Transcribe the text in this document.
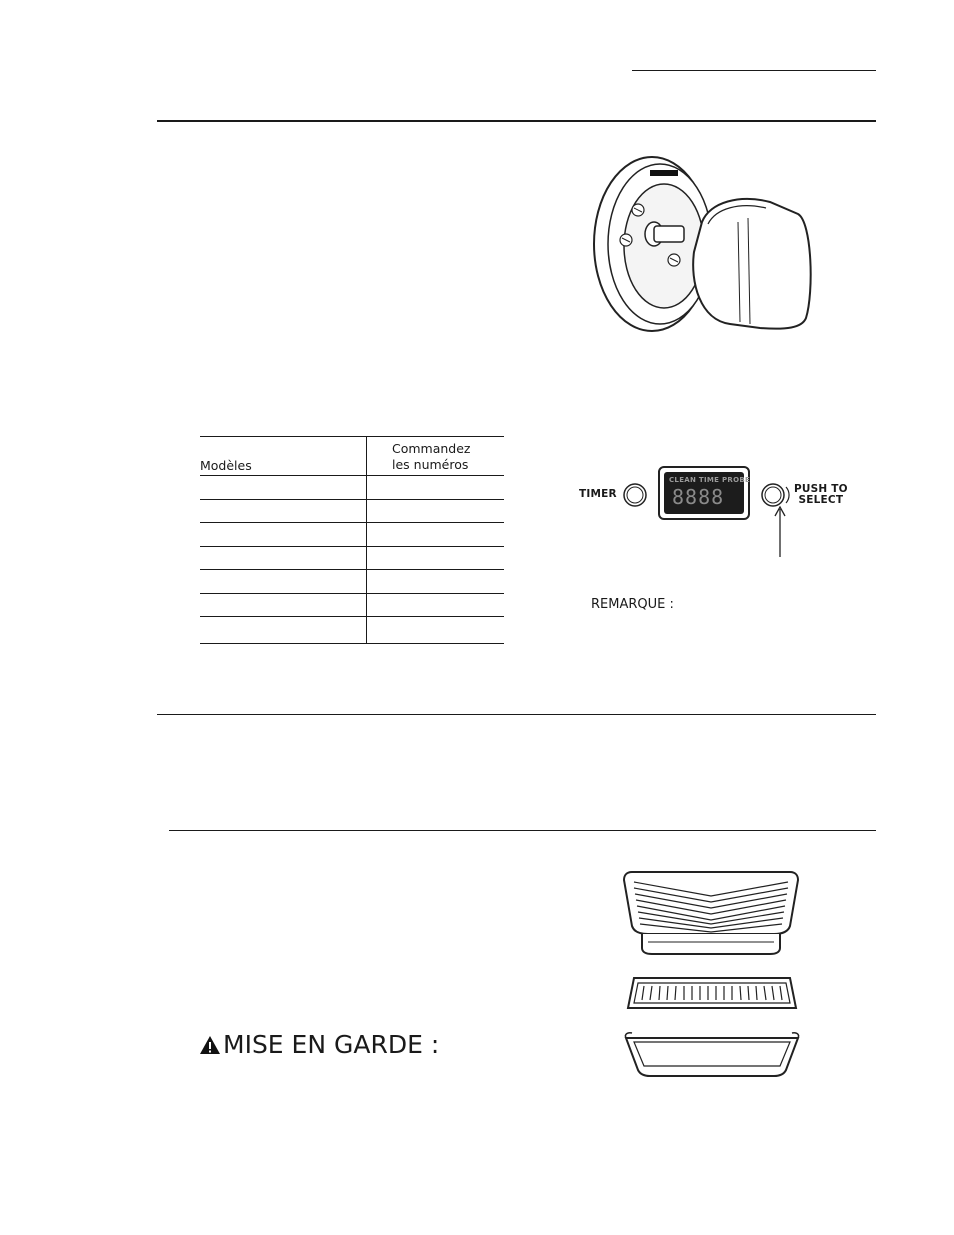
Modèles
Commandez
les numéros
TIMER
CLEAN TIME PROBE
8888	PUSH TO
SELECT
REMARQUE :
MISE EN GARDE :
